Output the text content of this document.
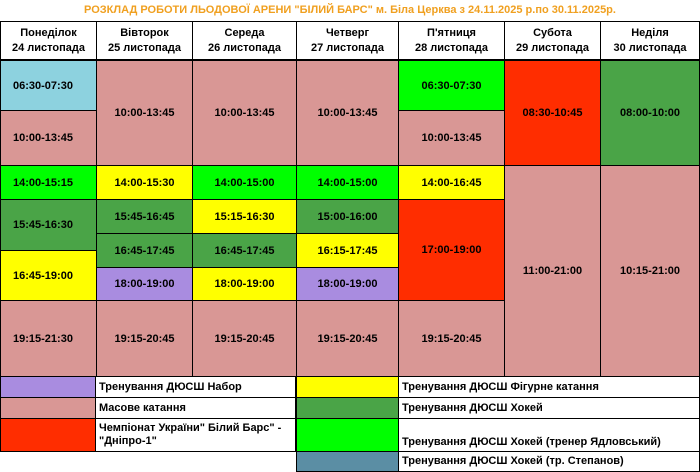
РОЗКЛАД РОБОТИ ЛЬОДОВОЇ АРЕНИ "БІЛИЙ БАРС" м. Біла Церква з 24.11.2025 р.по 30.11.2025р.
Понеділок
24 листопада
06:30-07:30
10:00-13:45
14:00-15:15
15:45-16:30
16:45-19:00
19:15-21:30
Вівторок
25 листопада
10:00-13:45
14:00-15:30
15:45-16:45
16:45-17:45
18:00-19:00
19:15-20:45
Середа
26 листопада
10:00-13:45
14:00-15:00
15:15-16:30
16:45-17:45
18:00-19:00
19:15-20:45
Четверг
27 листопада
10:00-13:45
14:00-15:00
15:00-16:00
16:15-17:45
18:00-19:00
19:15-20:45
П'ятниця
28 листопада
06:30-07:30
10:00-13:45
14:00-16:45
17:00-19:00
19:15-20:45
Субота
29 листопада
08:30-10:45
11:00-21:00
Неділя
30 листопада
08:00-10:00
10:15-21:00
Тренування ДЮСШ Набор
Масове катання
Чемпіонат України" Білий Барс" - "Дніпро-1"
Тренування ДЮСШ Фігурне катання
Тренування ДЮСШ Хокей
Тренування ДЮСШ Хокей (тренер Ядловський)
Тренування ДЮСШ Хокей (тр. Степанов)
